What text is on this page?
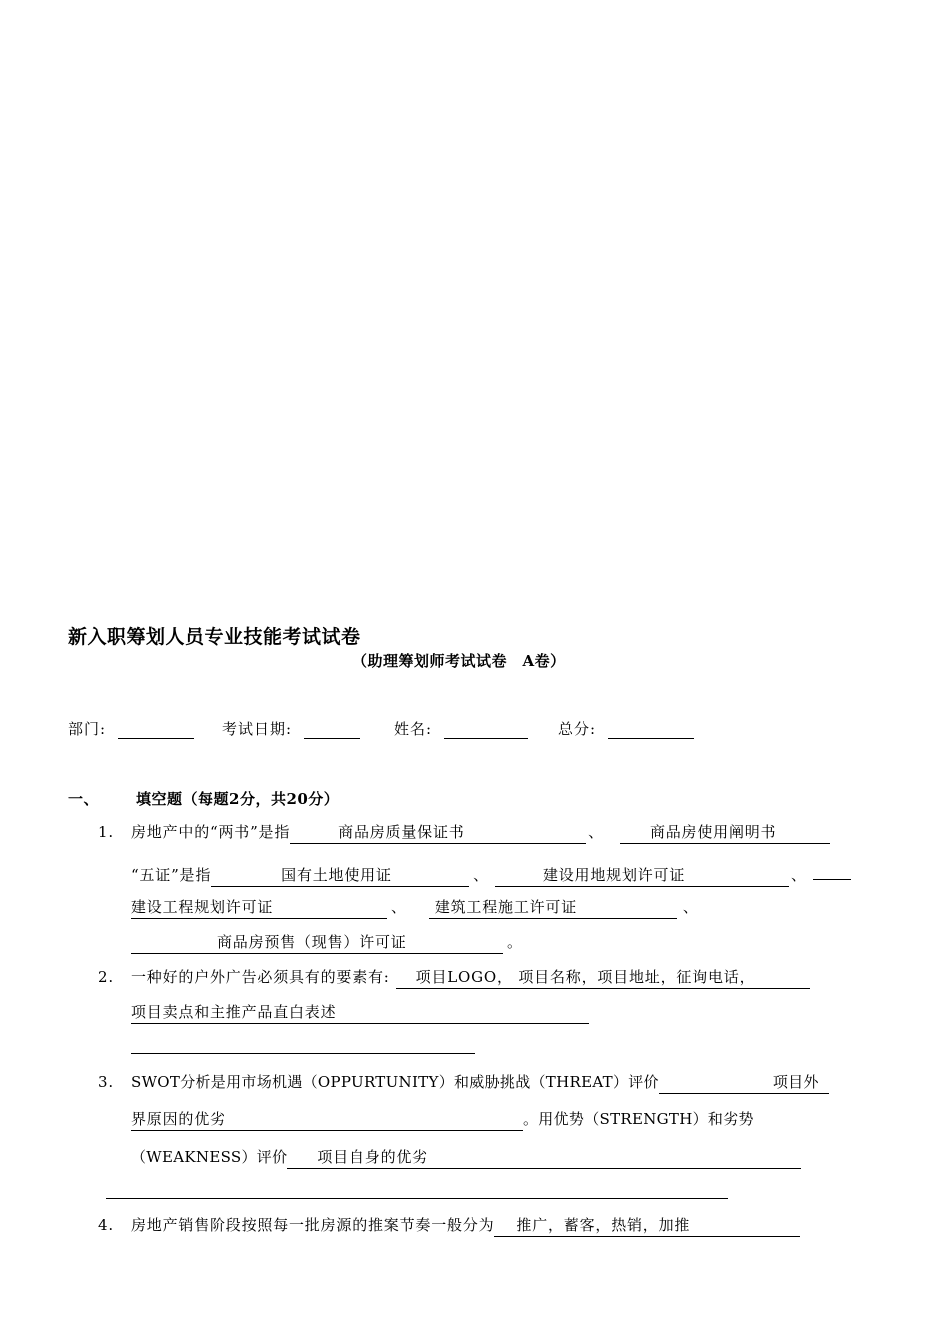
新入职筹划人员专业技能考试试卷
（助理筹划师考试试卷　A卷）
部门:	考试日期:	姓名:	总分:
一、 填空题（每题2分，共20分）
1. 房地产中的“两书”是指	商品房质量保证书	、	商品房使用阐明书
“五证”是指	国有土地使用证	、	建设用地规划许可证	、
建设工程规划许可证	、 建筑工程施工许可证	、
商品房预售（现售）许可证	。
2. 一种好的户外广告必须具有的要素有: 项目LOGO， 项目名称，项目地址，征询电话，
项目卖点和主推产品直白表述
3. SWOT分析是用市场机遇（OPPURTUNITY）和威胁挑战（THREAT）评价	项目外
界原因的优劣	。用优势（STRENGTH）和劣势
（WEAKNESS）评价 项目自身的优劣
4. 房地产销售阶段按照每一批房源的推案节奏一般分为 推广，蓄客，热销，加推
